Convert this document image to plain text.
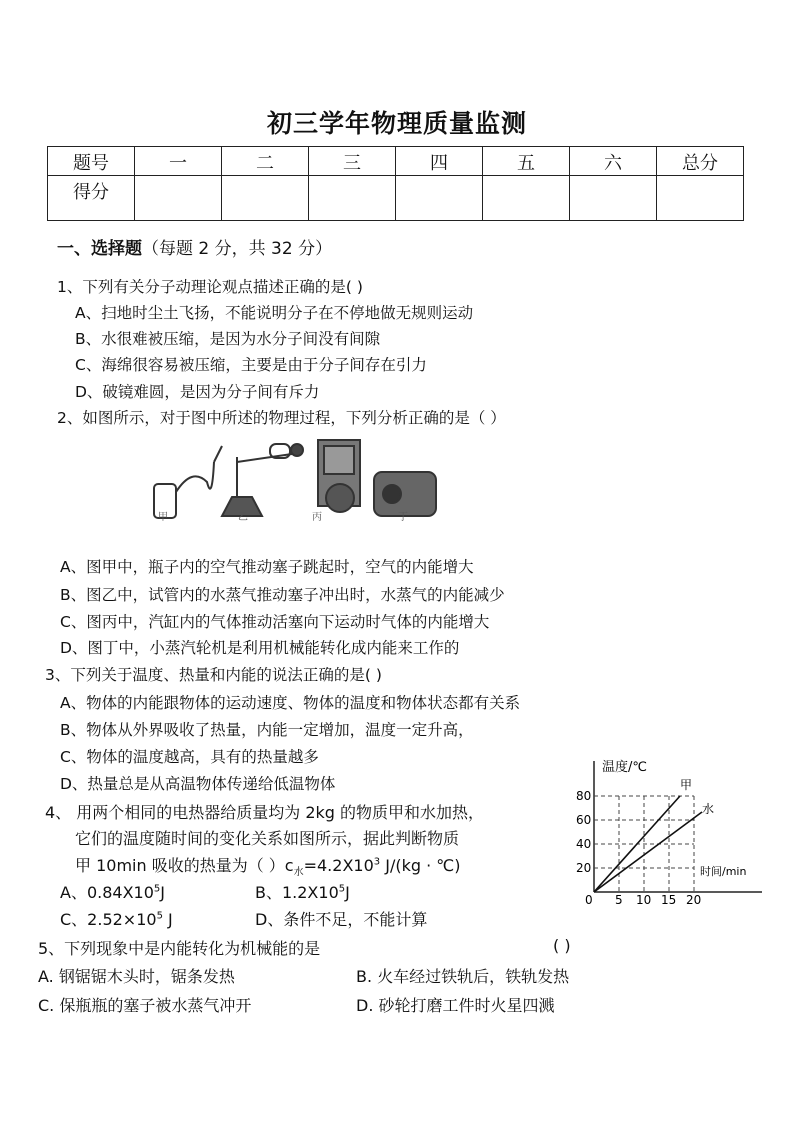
初三学年物理质量监测
题号	一	二	三	四	五	六	总分
得分							
一、选择题（每题 2 分，共 32 分）
1、下列有关分子动理论观点描述正确的是( )
A、扫地时尘土飞扬，不能说明分子在不停地做无规则运动
B、水很难被压缩，是因为水分子间没有间隙
C、海绵很容易被压缩，主要是由于分子间存在引力
D、破镜难圆，是因为分子间有斥力
2、如图所示，对于图中所述的物理过程，下列分析正确的是（ ）
甲	乙	丙	丁
A、图甲中，瓶子内的空气推动塞子跳起时，空气的内能增大
B、图乙中，试管内的水蒸气推动塞子冲出时，水蒸气的内能减少
C、图丙中，汽缸内的气体推动活塞向下运动时气体的内能增大
D、图丁中，小蒸汽轮机是利用机械能转化成内能来工作的
3、下列关于温度、热量和内能的说法正确的是( )
A、物体的内能跟物体的运动速度、物体的温度和物体状态都有关系
B、物体从外界吸收了热量，内能一定增加，温度一定升高，
C、物体的温度越高，具有的热量越多
D、热量总是从高温物体传递给低温物体
4、 用两个相同的电热器给质量均为 2kg 的物质甲和水加热，
它们的温度随时间的变化关系如图所示，据此判断物质
甲 10min 吸收的热量为（ ）$c_水=4.2X10^3$ J/(kg · ℃)
A、$0.84X10^5J$	B、$1.2X10^5J$
C、$2.52\times 10^5$ J	D、条件不足，不能计算
温度/℃
甲
水
时间/min
80
60
40
20
0 5 10 15 20
5、下列现象中是内能转化为机械能的是	( )
A. 钢锯锯木头时，锯条发热	B. 火车经过铁轨后，铁轨发热
C. 保瓶瓶的塞子被水蒸气冲开	D. 砂轮打磨工件时火星四溅
